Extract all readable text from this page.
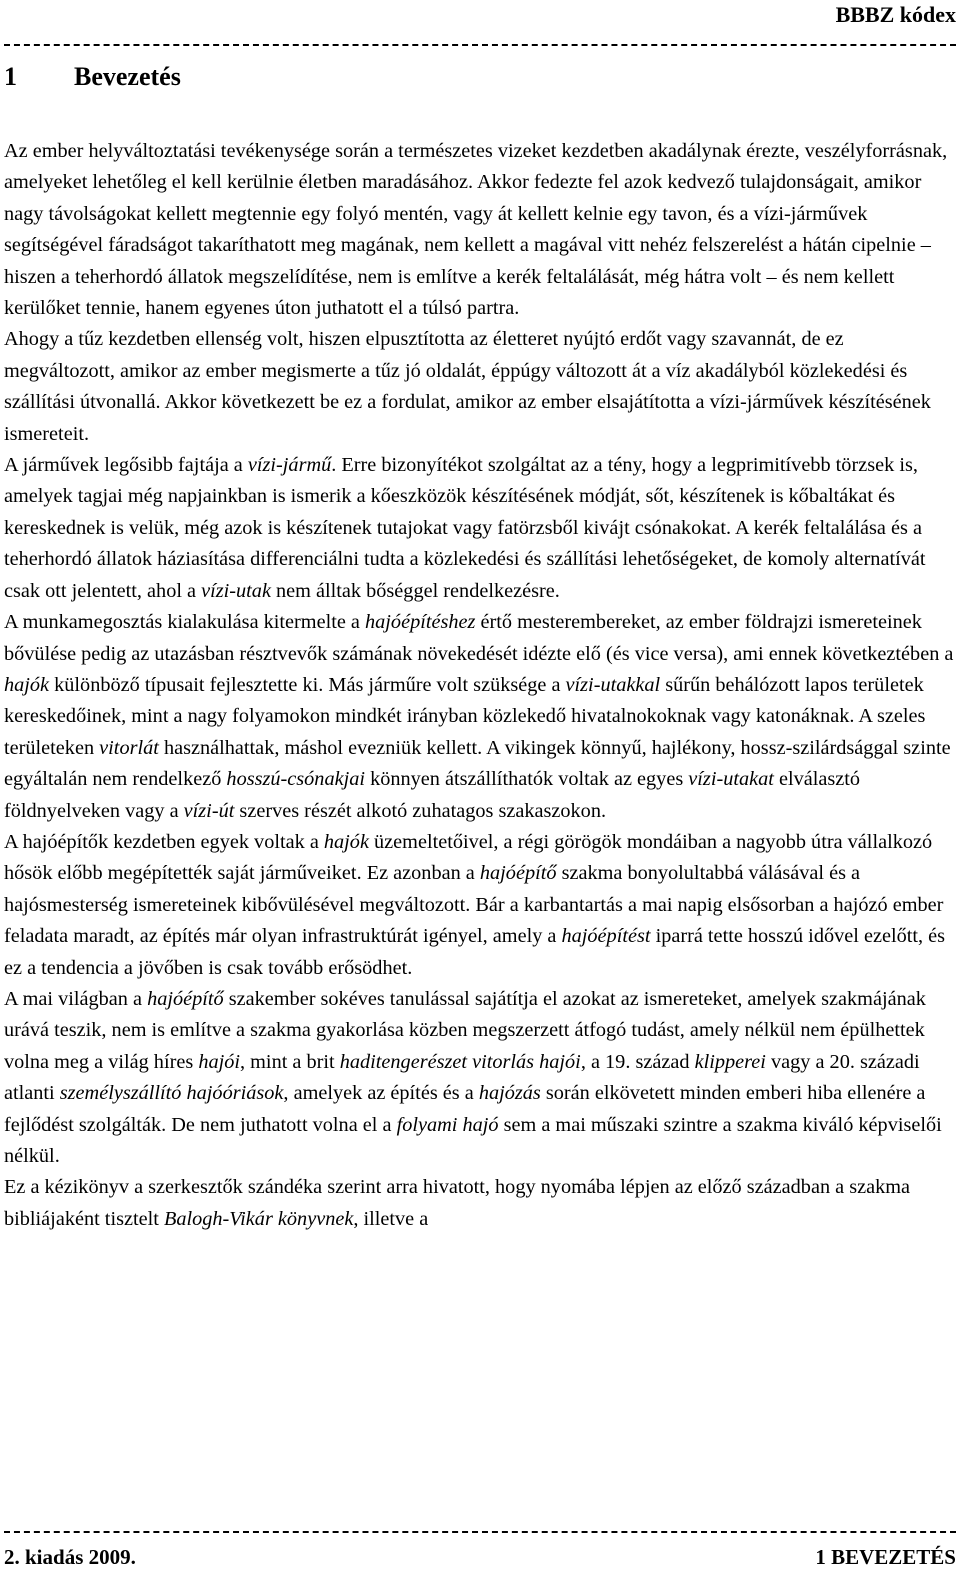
BBBZ kódex
1 Bevezetés

Az ember helyváltoztatási tevékenysége során a természetes vizeket kezdetben akadálynak érezte, veszélyforrásnak, amelyeket lehetőleg el kell kerülnie életben maradásához. Akkor fedezte fel azok kedvező tulajdonságait, amikor nagy távolságokat kellett megtennie egy folyó mentén, vagy át kellett kelnie egy tavon, és a vízi-járművek segítségével fáradságot takaríthatott meg magának, nem kellett a magával vitt nehéz felszerelést a hátán cipelnie – hiszen a teherhordó állatok megszelídítése, nem is említve a kerék feltalálását, még hátra volt – és nem kellett kerülőket tennie, hanem egyenes úton juthatott el a túlsó partra.

Ahogy a tűz kezdetben ellenség volt, hiszen elpusztította az életteret nyújtó erdőt vagy szavannát, de ez megváltozott, amikor az ember megismerte a tűz jó oldalát, éppúgy változott át a víz akadályból közlekedési és szállítási útvonallá. Akkor következett be ez a fordulat, amikor az ember elsajátította a vízi-járművek készítésének ismereteit.

A járművek legősibb fajtája a vízi-jármű. Erre bizonyítékot szolgáltat az a tény, hogy a legprimitívebb törzsek is, amelyek tagjai még napjainkban is ismerik a kőeszközök készítésének módját, sőt, készítenek is kőbaltákat és kereskednek is velük, még azok is készítenek tutajokat vagy fatörzsből kivájt csónakokat. A kerék feltalálása és a teherhordó állatok háziasítása differenciálni tudta a közlekedési és szállítási lehetőségeket, de komoly alternatívát csak ott jelentett, ahol a vízi-utak nem álltak bőséggel rendelkezésre.

A munkamegosztás kialakulása kitermelte a hajóépítéshez értő mesterembereket, az ember földrajzi ismereteinek bővülése pedig az utazásban résztvevők számának növekedését idézte elő (és vice versa), ami ennek következtében a hajók különböző típusait fejlesztette ki. Más járműre volt szüksége a vízi-utakkal sűrűn behálózott lapos területek kereskedőinek, mint a nagy folyamokon mindkét irányban közlekedő hivatalnokoknak vagy katonáknak. A szeles területeken vitorlát használhattak, máshol evezniük kellett. A vikingek könnyű, hajlékony, hossz-szilárdsággal szinte egyáltalán nem rendelkező hosszú-csónakjai könnyen átszállíthatók voltak az egyes vízi-utakat elválasztó földnyelveken vagy a vízi-út szerves részét alkotó zuhatagos szakaszokon.

A hajóépítők kezdetben egyek voltak a hajók üzemeltetőivel, a régi görögök mondáiban a nagyobb útra vállalkozó hősök előbb megépítették saját járműveiket. Ez azonban a hajóépítő szakma bonyolultabbá válásával és a hajósmesterség ismereteinek kibővülésével megváltozott. Bár a karbantartás a mai napig elsősorban a hajózó ember feladata maradt, az építés már olyan infrastruktúrát igényel, amely a hajóépítést iparrá tette hosszú idővel ezelőtt, és ez a tendencia a jövőben is csak tovább erősödhet.

A mai világban a hajóépítő szakember sokéves tanulással sajátítja el azokat az ismereteket, amelyek szakmájának urává teszik, nem is említve a szakma gyakorlása közben megszerzett átfogó tudást, amely nélkül nem épülhettek volna meg a világ híres hajói, mint a brit haditengerészet vitorlás hajói, a 19. század klipperei vagy a 20. századi atlanti személyszállító hajóóriások, amelyek az építés és a hajózás során elkövetett minden emberi hiba ellenére a fejlődést szolgálták. De nem juthatott volna el a folyami hajó sem a mai műszaki szintre a szakma kiváló képviselői nélkül.

Ez a kézikönyv a szerkesztők szándéka szerint arra hivatott, hogy nyomába lépjen az előző században a szakma bibliájaként tisztelt Balogh-Vikár könyvnek, illetve a

2. kiadás 2009.	1 BEVEZETÉS
